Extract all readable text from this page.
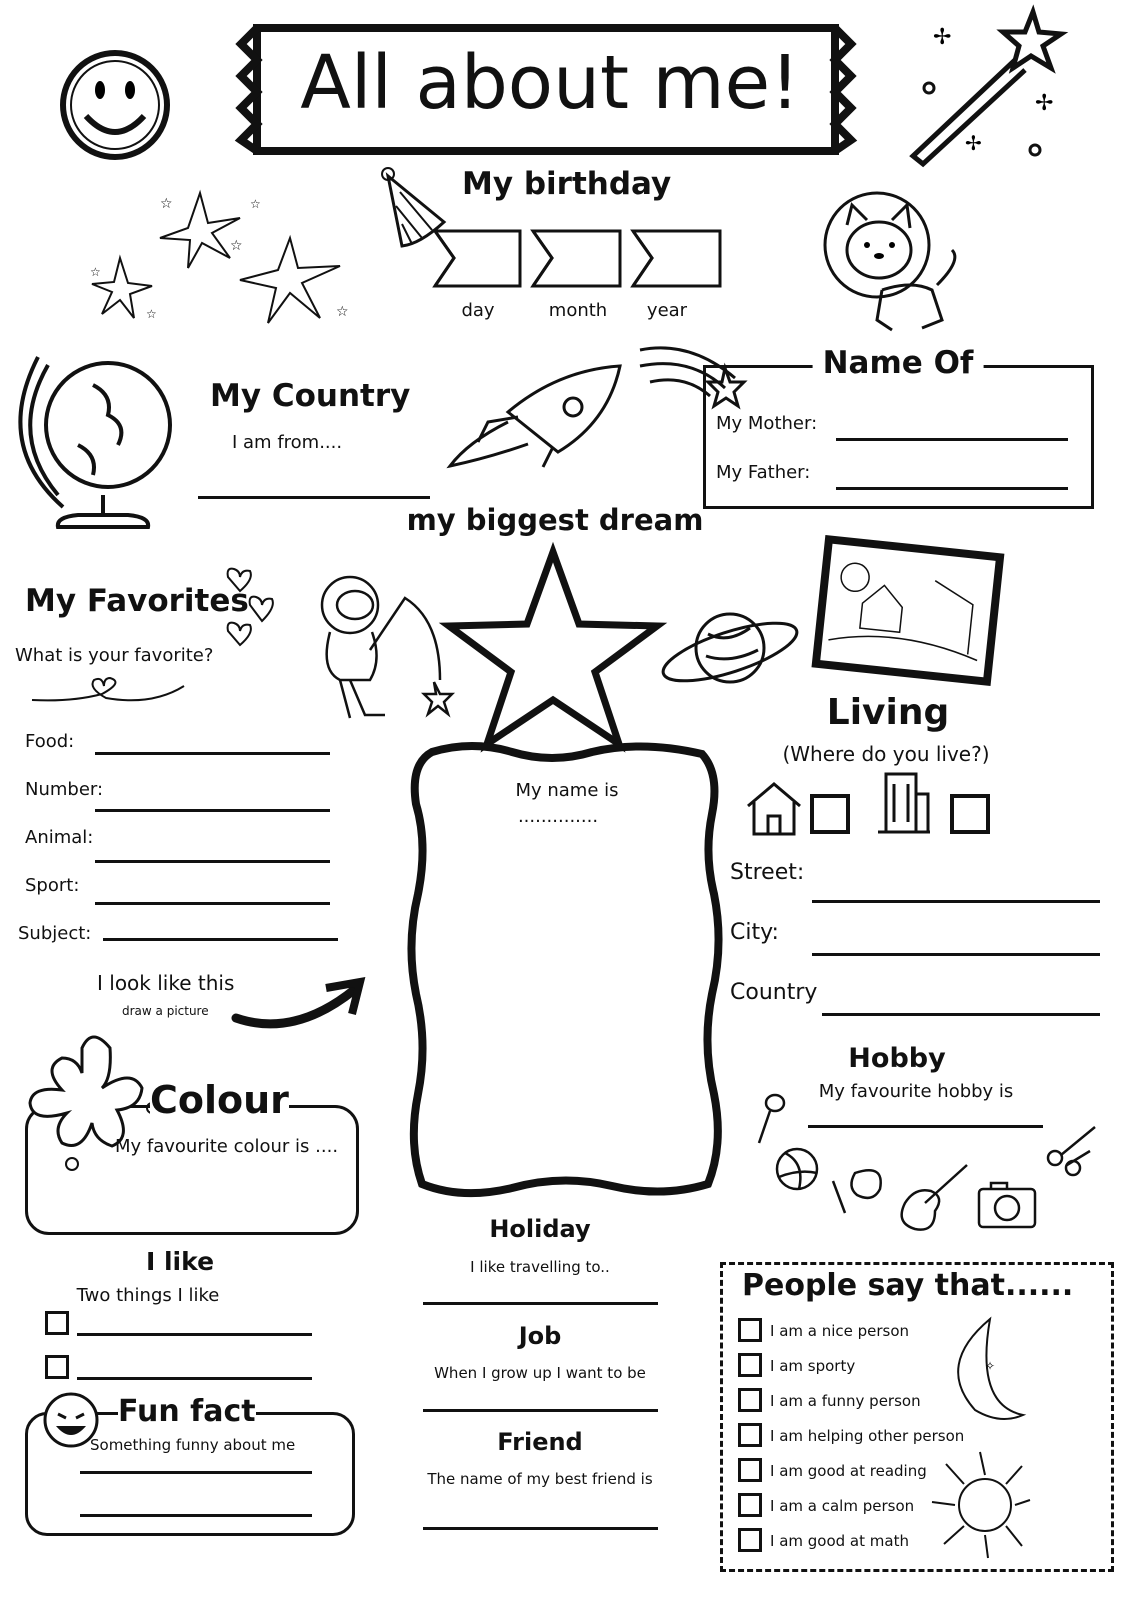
All about me!
✢
✢
✢
My birthday
day	month year
☆
☆
☆
☆
☆
☆
My Country
I am from....
Name Of
My Mother:
My Father:
my biggest dream
My Favorites
What is your favorite?
Food:
Number:
Animal:
Sport:
Subject:
Living
(Where do you live?)
Street:
City:
Country
My name is
..............
I look like this
draw a picture
Colour
My favourite colour is ....
Hobby
My favourite hobby is
Holiday
I like travelling to..
Job
When I grow up I want to be
Friend
The name of my best friend is
I like
Two things I like
Fun fact
Something funny about me
People say that......
✧
I am a nice person
I am sporty
I am a funny person
I am helping other person
I am good at reading
I am a calm person
I am good at math
